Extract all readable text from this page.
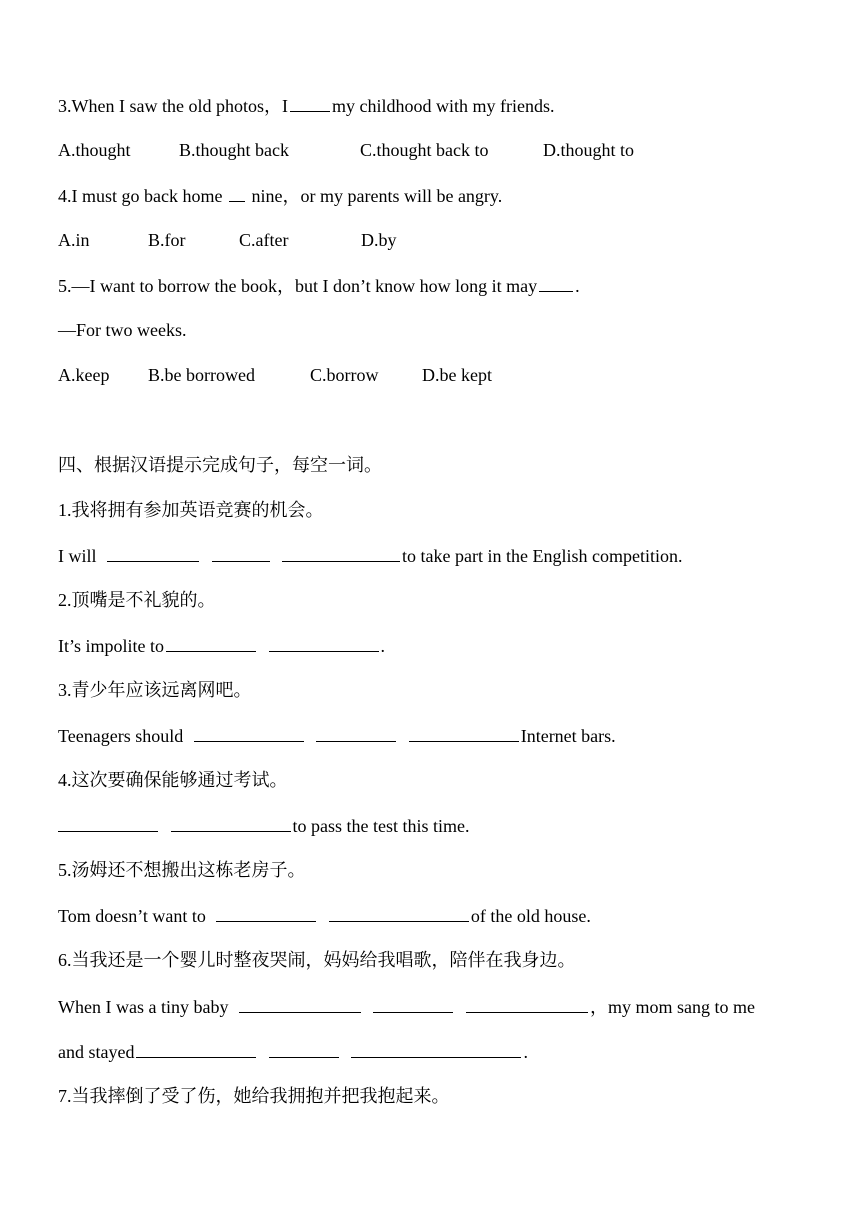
3.When I saw the old photos，I my childhood with my friends.
A.thought	B.thought back	C.thought back to	D.thought to
4.I must go back home nine，or my parents will be angry.
A.in	B.for	C.after	D.by
5.—I want to borrow the book，but I don’t know how long it may .
—For two weeks.
A.keep B.be borrowed	C.borrow D.be kept
四、根据汉语提示完成句子，每空一词。
1.我将拥有参加英语竞赛的机会。
I will	to take part in the English competition.
2.顶嘴是不礼貌的。
It’s impolite to	.
3.青少年应该远离网吧。
Teenagers should	Internet bars.
4.这次要确保能够通过考试。
to pass the test this time.
5.汤姆还不想搬出这栋老房子。
Tom doesn’t want to	of the old house.
6.当我还是一个婴儿时整夜哭闹，妈妈给我唱歌，陪伴在我身边。
When I was a tiny baby	，my mom sang to me
and stayed	.
7.当我摔倒了受了伤，她给我拥抱并把我抱起来。
